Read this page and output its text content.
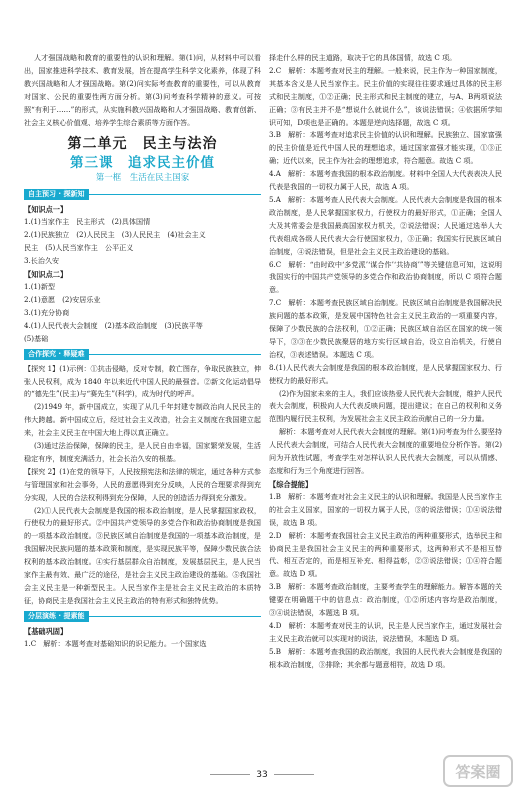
人才强国战略和教育的重要性的认识和理解。第(1)问，从材料中可以看出，国家推进科学技术、教育发展，旨在提高学生科学文化素养，体现了科教兴国战略和人才强国战略。第(2)问实际考查教育的重要性，可以从教育对国家、公民的重要性两方面分析。第(3)问考查科学精神的意义。可按照“有利于……”的形式，从实施科教兴国战略和人才强国战略、教育创新、社会主义核心价值观、培养学生综合素质等方面作答。

第二单元　民主与法治
第三课　追求民主价值
第一框　生活在民主国家
自主预习 · 探新知
【知识点一】

1.(1)当家作主　民主形式　(2)具体国情

2.(1)民族独立　(2)人民民主　(3)人民民主　(4)社会主义

民主　(5)人民当家作主　公平正义

3.长治久安

【知识点二】

1.(1)新型

2.(1)意愿　(2)安居乐业

3.(1)充分协商

4.(1)人民代表大会制度　(2)基本政治制度　(3)民族平等

(5)基础

合作探究 · 释疑难

【探究 1】(1)示例：①抗击侵略，反对专制，救亡图存，争取民族独立，伸张人民权利，成为 1840 年以来近代中国人民的最强音。②新文化运动倡导的“德先生”(民主)与“赛先生”(科学)，成为时代的呼声。

(2)1949 年，新中国成立，实现了从几千年封建专制政治向人民民主的伟大跨越。新中国成立后，经过社会主义改造，社会主义制度在我国建立起来，社会主义民主在中国大地上得以真正确立。

(3)通过法治保障，保障的民主，是人民自由幸福，国家繁荣发展，生活稳定有序，制度充满活力，社会长治久安的根基。

【探究 2】(1)在党的领导下，人民按照宪法和法律的规定，通过各种方式参与管理国家和社会事务，人民的意愿得到充分反映，人民的合理要求得到充分实现，人民的合法权利得到充分保障，人民的创造活力得到充分激发。

(2)①人民代表大会制度是我国的根本政治制度，是人民掌握国家政权，行使权力的最好形式。②中国共产党领导的多党合作和政治协商制度是我国的一项基本政治制度。③民族区域自治制度是我国的一项基本政治制度，是我国解决民族问题的基本政策和制度，是实现民族平等，保障少数民族合法权利的基本政治制度。④实行基层群众自治制度，发展基层民主，是人民当家作主最有效、最广泛的途径，是社会主义民主政治建设的基础。⑤我国社会主义民主是一种新型民主。人民当家作主是社会主义民主政治的本质特征，协商民主是我国社会主义民主政治的特有形式和独特优势。

分层演练 · 提素能
【基础巩固】

1.C　解析：本题考查对基础知识的识记能力。一个国家选

择走什么样的民主道路，取决于它的具体国情，故选 C 项。

2.C　解析：本题考查对民主的理解。一般来说，民主作为一种国家制度，其基本含义是人民当家作主。民主价值的实现往往要求通过具体的民主形式和民主制度，①②正确；民主形式和民主制度的建立，与A、B两项说法正确；③有民主并不是“想说什么就说什么”，该说法错误；④依据所学知识可知，D项也是正确的。本题是逆向选择题，故选 C 项。

3.B　解析：本题考查对追求民主价值的认识和理解。民族独立、国家富强的民主价值是近代中国人民的理想追求，通过国家富强才能实现，①③正确；近代以来，民主作为社会的理想追求，符合题意。故选 C 项。

4.A　解析：本题考查我国的根本政治制度。材料中全国人大代表表决人民代表是我国的一切权力属于人民，故选 A 项。

5.A　解析：本题考查人民代表大会制度。人民代表大会制度是我国的根本政治制度，是人民掌握国家权力，行使权力的最好形式，①正确；全国人大及其常委会是我国最高国家权力机关，②说法错误；人民通过选举人大代表组成各级人民代表大会行使国家权力，③正确；我国实行民族区域自治制度，④说法错误，但是社会主义民主政治建设的基础。

6.C　解析：“由时政中‘多党派’‘谋合作’‘共协商’”等关键信息可知，这说明我国实行的中国共产党领导的多党合作和政治协商制度，所以 C 项符合题意。

7.C　解析：本题考查民族区域自治制度。民族区域自治制度是我国解决民族问题的基本政策，是发展中国特色社会主义民主政治的一项重要内容，保障了少数民族的合法权利，①②正确；民族区域自治区在国家的统一领导下，③③在少数民族聚居的地方实行区域自治，设立自治机关，行使自治权，③表述错误。本题选 C 项。

8.(1)人民代表大会制度是我国的根本政治制度，是人民掌握国家权力、行使权力的最好形式。

(2)作为国家未来的主人，我们应该热爱人民代表大会制度，维护人民代表大会制度，积极向人大代表反映问题，提出建议；在自己的权利和义务范围内履行民主权利，为发展社会主义民主政治贡献自己的一分力量。

解析：本题考查对人民代表大会制度的理解。第(1)问考查为什么要坚持人民代表大会制度，可结合人民代表大会制度的重要地位分析作答。第(2)问为开放性试题，考查学生对怎样认识人民代表大会制度，可以从情感、态度和行为三个角度进行回答。

【综合提能】

1.B　解析：本题考查对社会主义民主的认识和理解。我国是人民当家作主的社会主义国家，国家的一切权力属于人民，③的说法错误；①④说法错误，故选 B 项。

2.D　解析：本题考查我国社会主义民主政治的两种重要形式，选举民主和协商民主是我国社会主义民主的两种重要形式，这两种形式不是相互替代、相互否定的，而是相互补充、相得益彰，②③说法错误；①④符合题意。故选 D 项。

3.B　解析：本题考查政治制度，主要考查学生的理解能力。解答本题的关键要在明确题干中的信息点：政治制度，①②所述内容均是政治制度，③④说法错误，本题选 B 项。

4.D　解析：本题考查对民主的认识，民主是人民当家作主，通过发展社会主义民主政治就可以实现对的说法，说法错误，本题选 D 项。

5.B　解析：本题考查我国的政治制度，我国的人民代表大会制度是我国的根本政治制度，③排除；其余都与题意相符，故选 D 项。

33	答案圈
